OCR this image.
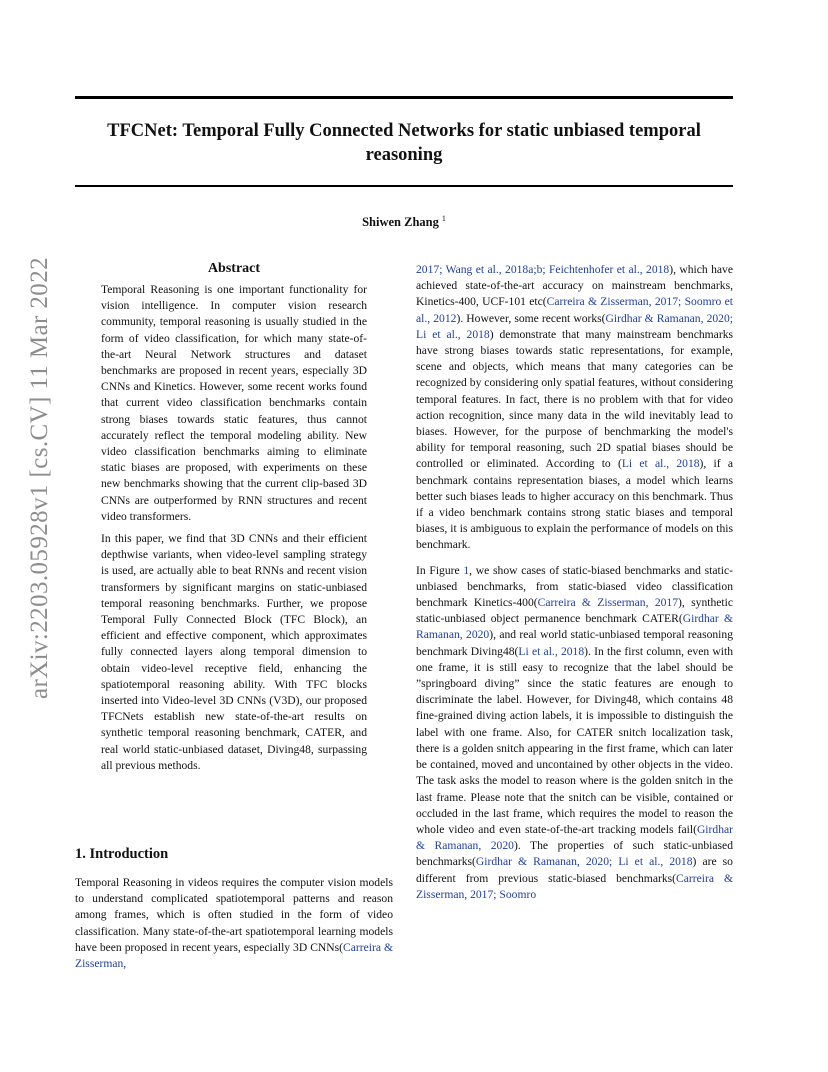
TFCNet: Temporal Fully Connected Networks for static unbiased temporal reasoning
Shiwen Zhang $^1$
arXiv:2203.05928v1 [cs.CV] 11 Mar 2022	Abstract

Temporal Reasoning is one important functionality for vision intelligence. In computer vision research community, temporal reasoning is usually studied in the form of video classification, for which many state-of-the-art Neural Network structures and dataset benchmarks are proposed in recent years, especially 3D CNNs and Kinetics. However, some recent works found that current video classification benchmarks contain strong biases towards static features, thus cannot accurately reflect the temporal modeling ability. New video classification benchmarks aiming to eliminate static biases are proposed, with experiments on these new benchmarks showing that the current clip-based 3D CNNs are outperformed by RNN structures and recent video transformers.

In this paper, we find that 3D CNNs and their efficient depthwise variants, when video-level sampling strategy is used, are actually able to beat RNNs and recent vision transformers by significant margins on static-unbiased temporal reasoning benchmarks. Further, we propose Temporal Fully Connected Block (TFC Block), an efficient and effective component, which approximates fully connected layers along temporal dimension to obtain video-level receptive field, enhancing the spatiotemporal reasoning ability. With TFC blocks inserted into Video-level 3D CNNs (V3D), our proposed TFCNets establish new state-of-the-art results on synthetic temporal reasoning benchmark, CATER, and real world static-unbiased dataset, Diving48, surpassing all previous methods.

1. Introduction

Temporal Reasoning in videos requires the computer vision models to understand complicated spatiotemporal patterns and reason among frames, which is often studied in the form of video classification. Many state-of-the-art spatiotemporal learning models have been proposed in recent years, especially 3D CNNs(Carreira & Zisserman,

2017; Wang et al., 2018a;b; Feichtenhofer et al., 2018), which have achieved state-of-the-art accuracy on mainstream benchmarks, Kinetics-400, UCF-101 etc(Carreira & Zisserman, 2017; Soomro et al., 2012). However, some recent works(Girdhar & Ramanan, 2020; Li et al., 2018) demonstrate that many mainstream benchmarks have strong biases towards static representations, for example, scene and objects, which means that many categories can be recognized by considering only spatial features, without considering temporal features. In fact, there is no problem with that for video action recognition, since many data in the wild inevitably lead to biases. However, for the purpose of benchmarking the model's ability for temporal reasoning, such 2D spatial biases should be controlled or eliminated. According to (Li et al., 2018), if a benchmark contains representation biases, a model which learns better such biases leads to higher accuracy on this benchmark. Thus if a video benchmark contains strong static biases and temporal biases, it is ambiguous to explain the performance of models on this benchmark.

In Figure 1, we show cases of static-biased benchmarks and static-unbiased benchmarks, from static-biased video classification benchmark Kinetics-400(Carreira & Zisserman, 2017), synthetic static-unbiased object permanence benchmark CATER(Girdhar & Ramanan, 2020), and real world static-unbiased temporal reasoning benchmark Diving48(Li et al., 2018). In the first column, even with one frame, it is still easy to recognize that the label should be ”springboard diving” since the static features are enough to discriminate the label. However, for Diving48, which contains 48 fine-grained diving action labels, it is impossible to distinguish the label with one frame. Also, for CATER snitch localization task, there is a golden snitch appearing in the first frame, which can later be contained, moved and uncontained by other objects in the video. The task asks the model to reason where is the golden snitch in the last frame. Please note that the snitch can be visible, contained or occluded in the last frame, which requires the model to reason the whole video and even state-of-the-art tracking models fail(Girdhar & Ramanan, 2020). The properties of such static-unbiased benchmarks(Girdhar & Ramanan, 2020; Li et al., 2018) are so different from previous static-biased benchmarks(Carreira & Zisserman, 2017; Soomro
